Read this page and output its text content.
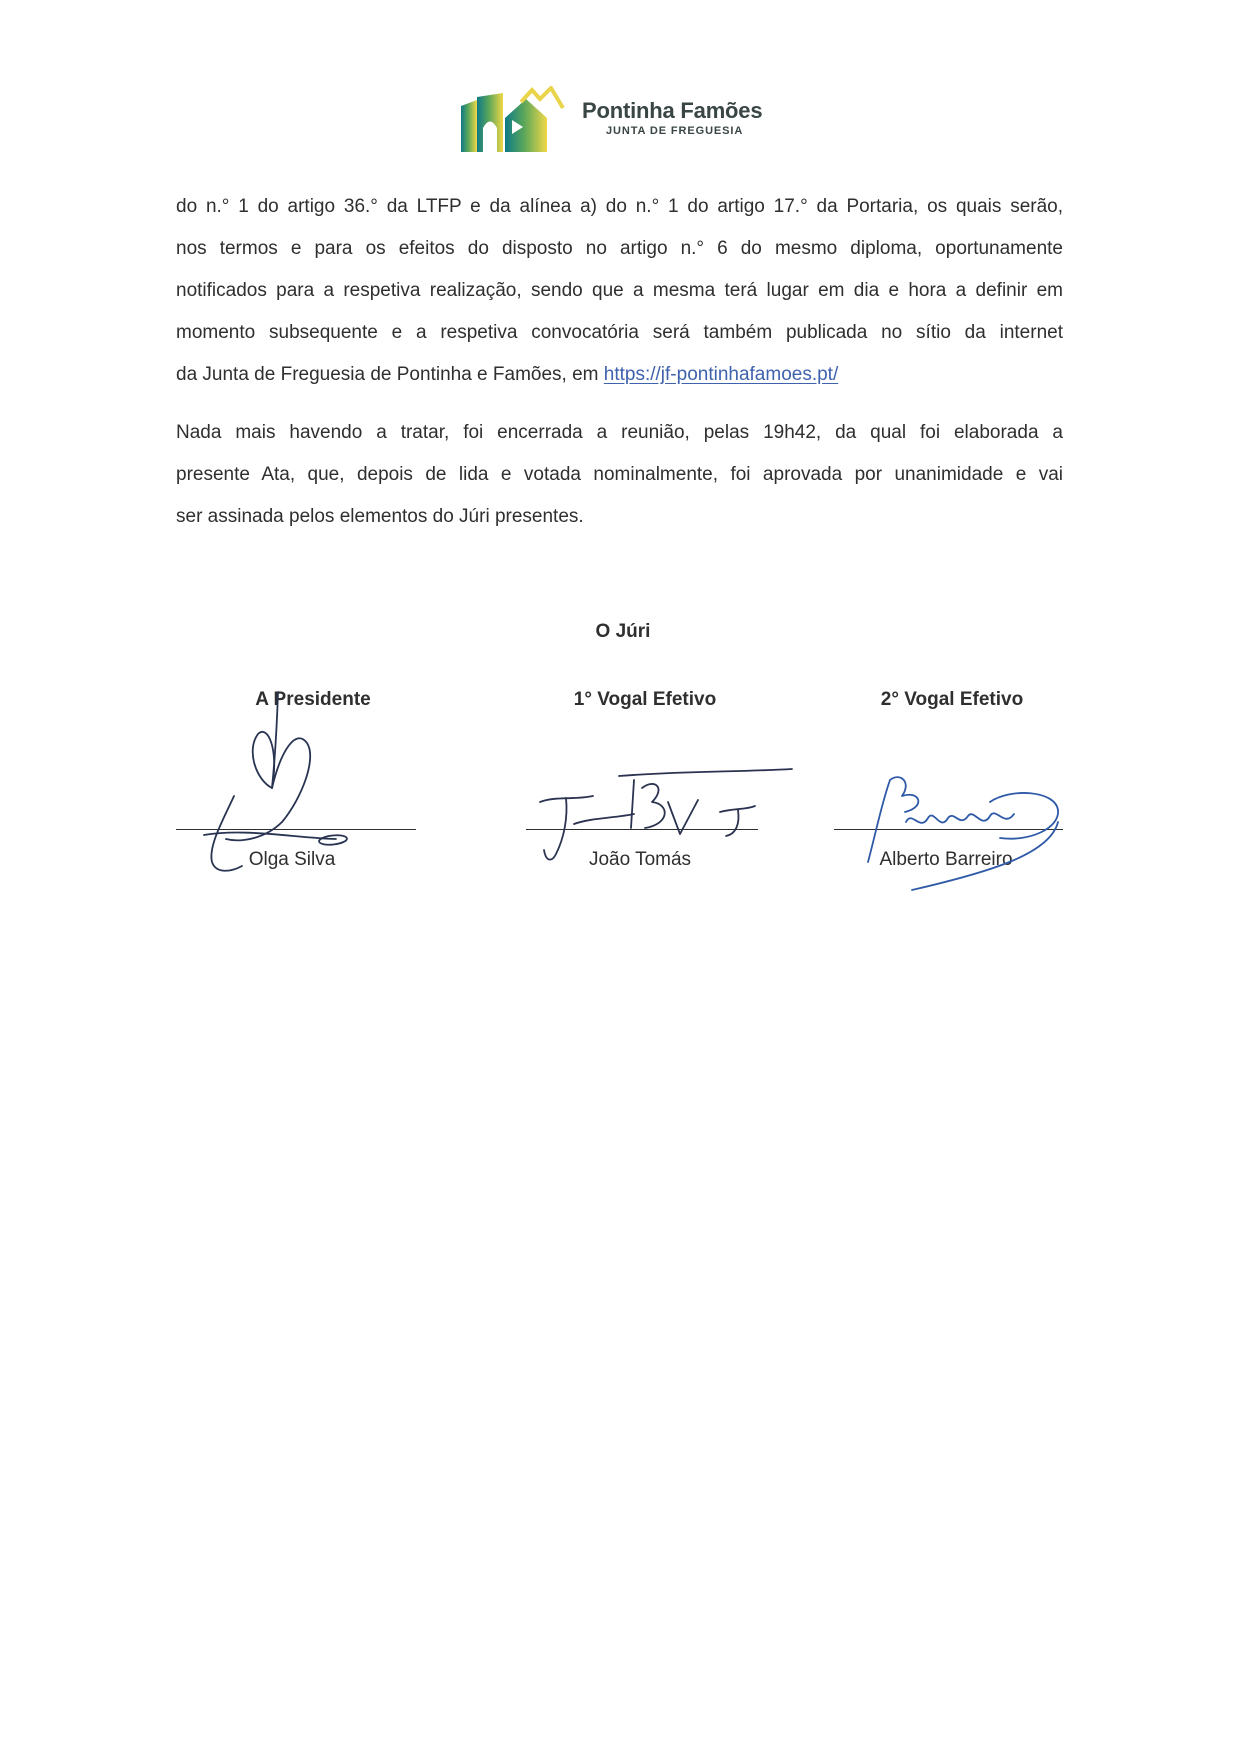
Pontinha Famões
JUNTA DE FREGUESIA
do n.° 1 do artigo 36.° da LTFP e da alínea a) do n.° 1 do artigo 17.° da Portaria, os quais serão,
nos termos e para os efeitos do disposto no artigo n.° 6 do mesmo diploma, oportunamente
notificados para a respetiva realização, sendo que a mesma terá lugar em dia e hora a definir em
momento subsequente e a respetiva convocatória será também publicada no sítio da internet
da Junta de Freguesia de Pontinha e Famões, em https://jf-pontinhafamoes.pt/
Nada mais havendo a tratar, foi encerrada a reunião, pelas 19h42, da qual foi elaborada a
presente Ata, que, depois de lida e votada nominalmente, foi aprovada por unanimidade e vai
ser assinada pelos elementos do Júri presentes.
O Júri
A Presidente	1° Vogal Efetivo	2° Vogal Efetivo
Olga Silva	João Tomás	Alberto Barreiro
